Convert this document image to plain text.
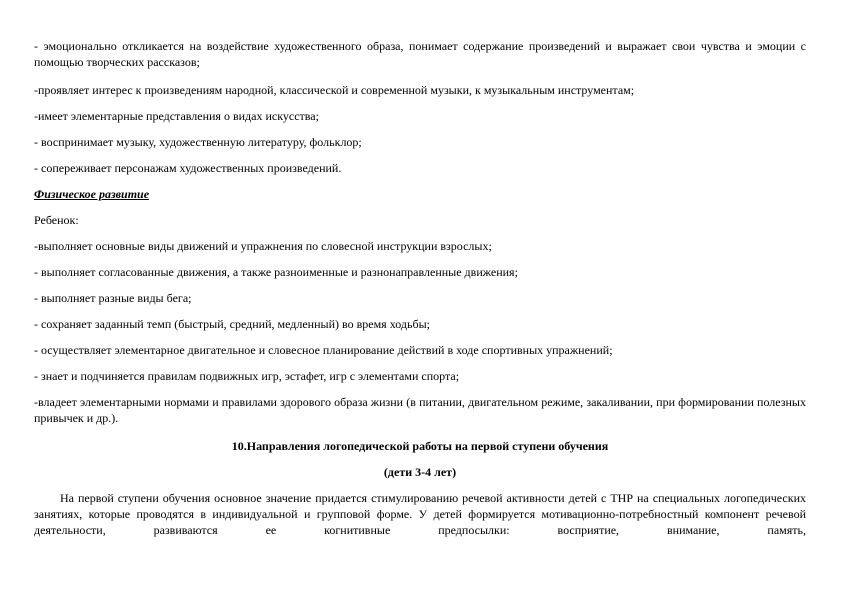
- эмоционально откликается на воздействие художественного образа, понимает содержание произведений и выражает свои чувства и эмоции с помощью творческих рассказов;

-проявляет интерес к произведениям народной, классической и современной музыки, к музыкальным инструментам;

-имеет элементарные представления о видах искусства;

- воспринимает музыку, художественную литературу, фольклор;

- сопереживает персонажам художественных произведений.

Физическое развитие

Ребенок:

-выполняет основные виды движений и упражнения по словесной инструкции взрослых;

- выполняет согласованные движения, а также разноименные и разнонаправленные движения;

- выполняет разные виды бега;

- сохраняет заданный темп (быстрый, средний, медленный) во время ходьбы;

- осуществляет элементарное двигательное и словесное планирование действий в ходе спортивных упражнений;

- знает и подчиняется правилам подвижных игр, эстафет, игр с элементами спорта;

-владеет элементарными нормами и правилами здорового образа жизни (в питании, двигательном режиме, закаливании, при формировании полезных привычек и др.).

10.Направления логопедической работы на первой ступени обучения

(дети 3-4 лет)

На первой ступени обучения основное значение придается стимулированию речевой активности детей с ТНР на специальных логопедических занятиях, которые проводятся в индивидуальной и групповой форме. У детей формируется мотивационно-потребностный компонент речевой деятельности, развиваются ее когнитивные предпосылки: восприятие, внимание, память,
